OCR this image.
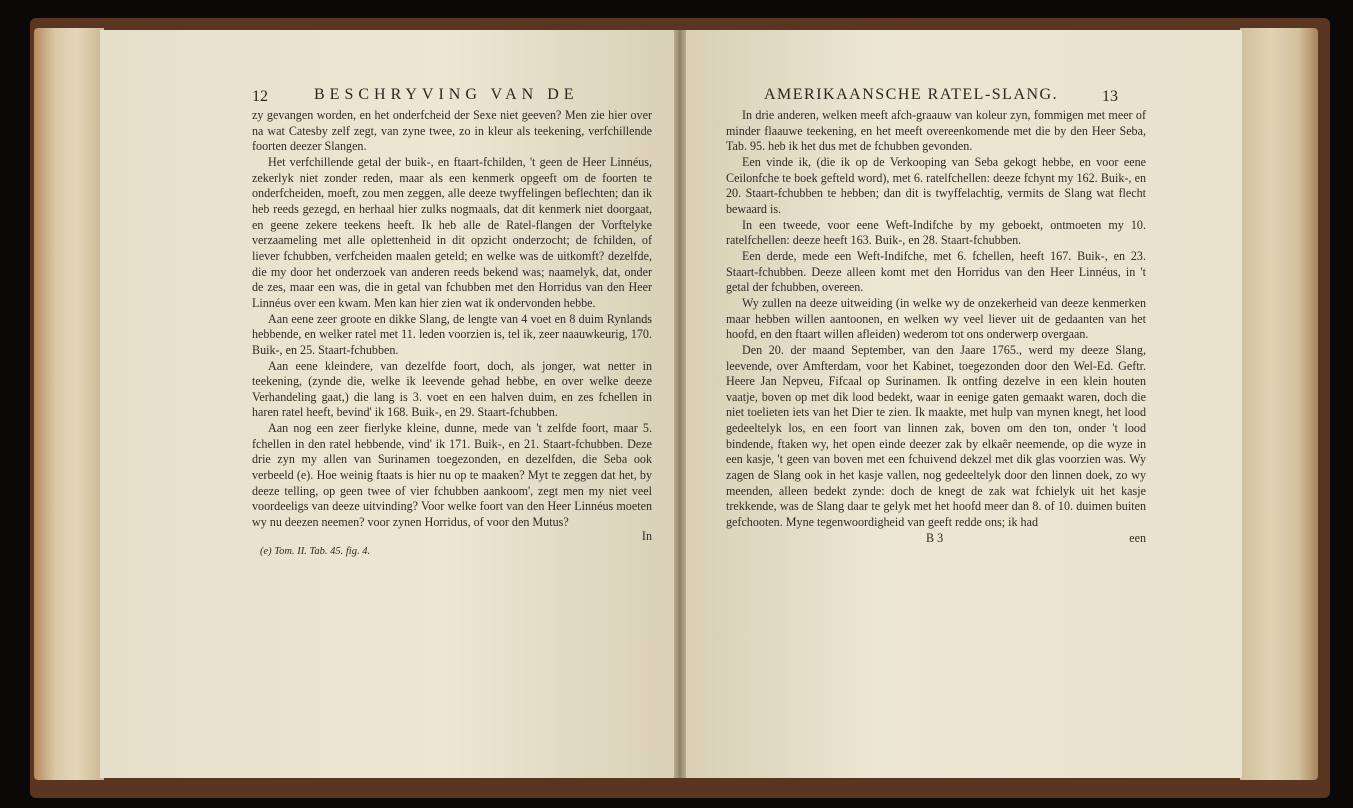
12	BESCHRYVING VAN DE

zy gevangen worden, en het onderfcheid der Sexe niet geeven? Men zie hier over na wat Catesby zelf zegt, van zyne twee, zo in kleur als teekening, verfchillende foorten deezer Slangen.

Het verfchillende getal der buik-, en ftaart-fchilden, 't geen de Heer Linnéus, zekerlyk niet zonder reden, maar als een kenmerk opgeeft om de foorten te onderfcheiden, moeft, zou men zeggen, alle deeze twyffelingen beflechten; dan ik heb reeds gezegd, en herhaal hier zulks nogmaals, dat dit kenmerk niet doorgaat, en geene zekere teekens heeft. Ik heb alle de Ratel-flangen der Vorftelyke verzaameling met alle oplettenheid in dit opzicht onderzocht; de fchilden, of liever fchubben, verfcheiden maalen geteld; en welke was de uitkomft? dezelfde, die my door het onderzoek van anderen reeds bekend was; naamelyk, dat, onder de zes, maar een was, die in getal van fchubben met den Horridus van den Heer Linnéus over een kwam. Men kan hier zien wat ik ondervonden hebbe.

Aan eene zeer groote en dikke Slang, de lengte van 4 voet en 8 duim Rynlands hebbende, en welker ratel met 11. leden voorzien is, tel ik, zeer naauwkeurig, 170. Buik-, en 25. Staart-fchubben.

Aan eene kleindere, van dezelfde foort, doch, als jonger, wat netter in teekening, (zynde die, welke ik leevende gehad hebbe, en over welke deeze Verhandeling gaat,) die lang is 3. voet en een halven duim, en zes fchellen in haren ratel heeft, bevind' ik 168. Buik-, en 29. Staart-fchubben.

Aan nog een zeer fierlyke kleine, dunne, mede van 't zelfde foort, maar 5. fchellen in den ratel hebbende, vind' ik 171. Buik-, en 21. Staart-fchubben. Deze drie zyn my allen van Surinamen toegezonden, en dezelfden, die Seba ook verbeeld (e). Hoe weinig ftaats is hier nu op te maaken? Myt te zeggen dat het, by deeze telling, op geen twee of vier fchubben aankoom', zegt men my niet veel voordeeligs van deeze uitvinding? Voor welke foort van den Heer Linnéus moeten wy nu deezen neemen? voor zynen Horridus, of voor den Mutus?

In
(e) Tom. II. Tab. 45. fig. 4.
AMERIKAANSCHE RATEL-SLANG.	13

In drie anderen, welken meeft afch-graauw van koleur zyn, fommigen met meer of minder flaauwe teekening, en het meeft overeenkomende met die by den Heer Seba, Tab. 95. heb ik het dus met de fchubben gevonden.

Een vinde ik, (die ik op de Verkooping van Seba gekogt hebbe, en voor eene Ceilonfche te boek gefteld word), met 6. ratelfchellen: deeze fchynt my 162. Buik-, en 20. Staart-fchubben te hebben; dan dit is twyffelachtig, vermits de Slang wat flecht bewaard is.

In een tweede, voor eene Weft-Indifche by my geboekt, ontmoeten my 10. ratelfchellen: deeze heeft 163. Buik-, en 28. Staart-fchubben.

Een derde, mede een Weft-Indifche, met 6. fchellen, heeft 167. Buik-, en 23. Staart-fchubben. Deeze alleen komt met den Horridus van den Heer Linnéus, in 't getal der fchubben, overeen.

Wy zullen na deeze uitweiding (in welke wy de onzekerheid van deeze kenmerken maar hebben willen aantoonen, en welken wy veel liever uit de gedaanten van het hoofd, en den ftaart willen afleiden) wederom tot ons onderwerp overgaan.

Den 20. der maand September, van den Jaare 1765., werd my deeze Slang, leevende, over Amfterdam, voor het Kabinet, toegezonden door den Wel-Ed. Geftr. Heere Jan Nepveu, Fifcaal op Surinamen. Ik ontfing dezelve in een klein houten vaatje, boven op met dik lood bedekt, waar in eenige gaten gemaakt waren, doch die niet toelieten iets van het Dier te zien. Ik maakte, met hulp van mynen knegt, het lood gedeeltelyk los, en een foort van linnen zak, boven om den ton, onder 't lood bindende, ftaken wy, het open einde deezer zak by elkaêr neemende, op die wyze in een kasje, 't geen van boven met een fchuivend dekzel met dik glas voorzien was. Wy zagen de Slang ook in het kasje vallen, nog gedeeltelyk door den linnen doek, zo wy meenden, alleen bedekt zynde: doch de knegt de zak wat fchielyk uit het kasje trekkende, was de Slang daar te gelyk met het hoofd meer dan 8. of 10. duimen buiten gefchooten. Myne tegenwoordigheid van geeft redde ons; ik had

B 3	een
